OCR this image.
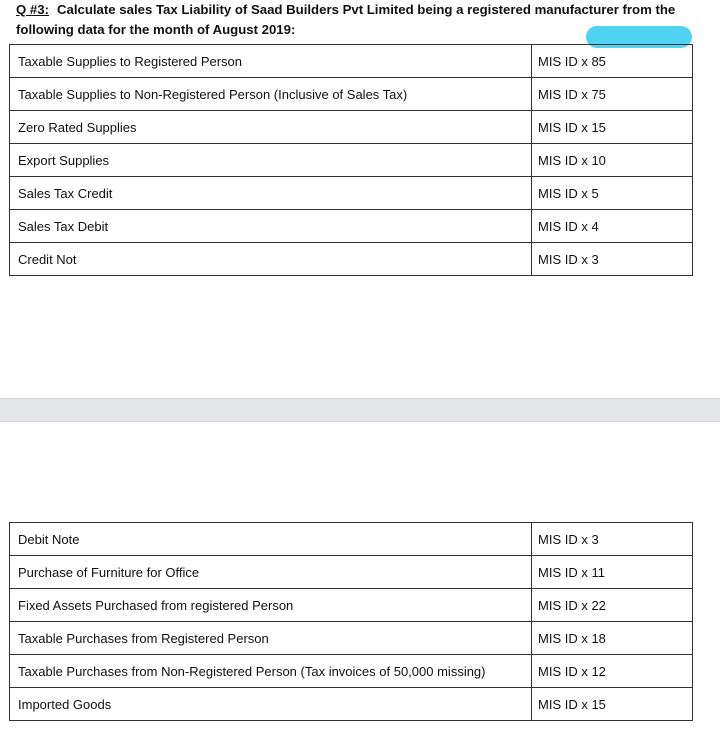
Q #3: Calculate sales Tax Liability of Saad Builders Pvt Limited being a registered manufacturer from the following data for the month of August 2019:
Taxable Supplies to Registered Person	MIS ID x 85
Taxable Supplies to Non-Registered Person (Inclusive of Sales Tax)	MIS ID x 75
Zero Rated Supplies	MIS ID x 15
Export Supplies	MIS ID x 10
Sales Tax Credit	MIS ID x 5
Sales Tax Debit	MIS ID x 4
Credit Not	MIS ID x 3
Debit Note	MIS ID x 3
Purchase of Furniture for Office	MIS ID x 11
Fixed Assets Purchased from registered Person	MIS ID x 22
Taxable Purchases from Registered Person	MIS ID x 18
Taxable Purchases from Non-Registered Person (Tax invoices of 50,000 missing)	MIS ID x 12
Imported Goods	MIS ID x 15
